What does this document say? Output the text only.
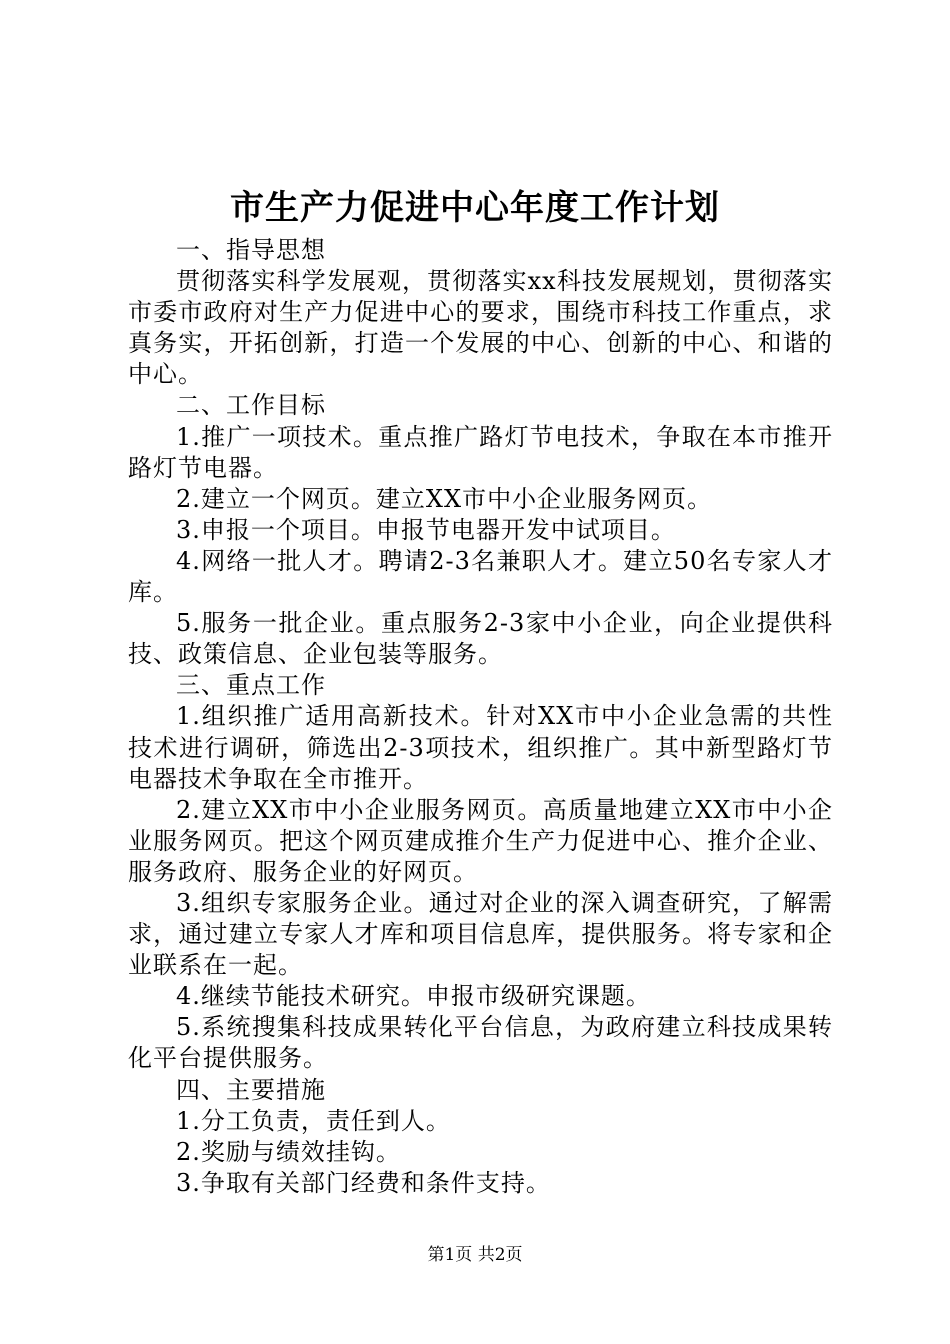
市生产力促进中心年度工作计划

一、指导思想

贯彻落实科学发展观，贯彻落实xx科技发展规划，贯彻落实市委市政府对生产力促进中心的要求，围绕市科技工作重点，求真务实，开拓创新，打造一个发展的中心、创新的中心、和谐的中心。

二、工作目标

1.推广一项技术。重点推广路灯节电技术，争取在本市推开路灯节电器。

2.建立一个网页。建立XX市中小企业服务网页。

3.申报一个项目。申报节电器开发中试项目。

4.网络一批人才。聘请2-3名兼职人才。建立50名专家人才库。

5.服务一批企业。重点服务2-3家中小企业，向企业提供科技、政策信息、企业包装等服务。

三、重点工作

1.组织推广适用高新技术。针对XX市中小企业急需的共性技术进行调研，筛选出2-3项技术，组织推广。其中新型路灯节电器技术争取在全市推开。

2.建立XX市中小企业服务网页。高质量地建立XX市中小企业服务网页。把这个网页建成推介生产力促进中心、推介企业、服务政府、服务企业的好网页。

3.组织专家服务企业。通过对企业的深入调查研究，了解需求，通过建立专家人才库和项目信息库，提供服务。将专家和企业联系在一起。

4.继续节能技术研究。申报市级研究课题。

5.系统搜集科技成果转化平台信息，为政府建立科技成果转化平台提供服务。

四、主要措施

1.分工负责，责任到人。

2.奖励与绩效挂钩。

3.争取有关部门经费和条件支持。

第1页 共2页
